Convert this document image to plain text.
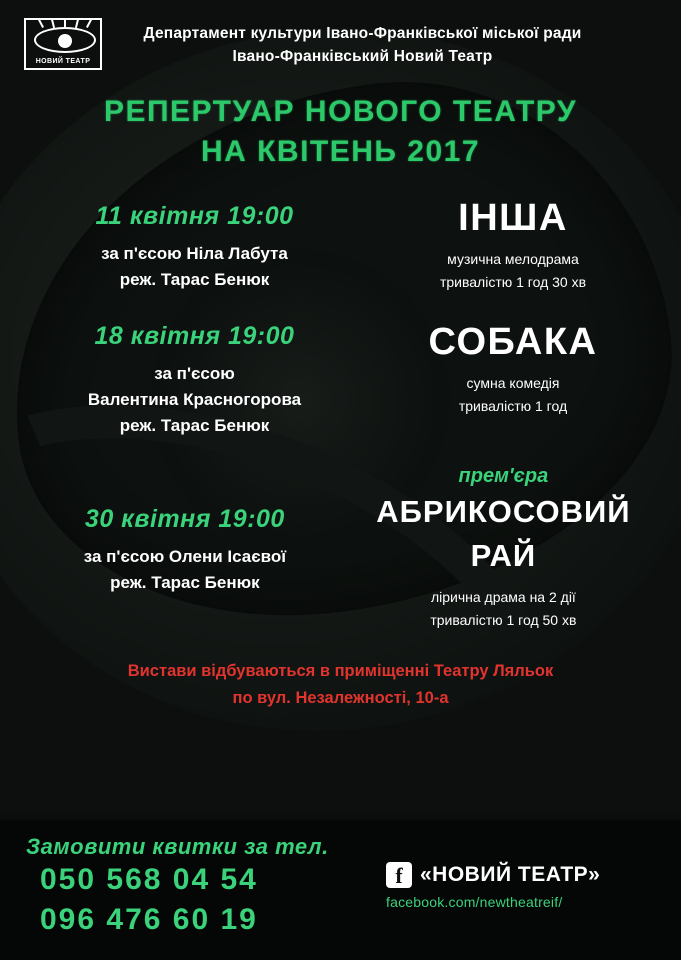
НОВИЙ ТЕАТР
Департамент культури Івано-Франківської міської ради
Івано-Франківський Новий Театр
РЕПЕРТУАР НОВОГО ТЕАТРУ
НА КВІТЕНЬ 2017
11 квітня 19:00
за п'єсою Ніла Лабута
реж. Тарас Бенюк
ІНША
музична мелодрама
тривалістю 1 год 30 хв
18 квітня 19:00
за п'єсою
Валентина Красногорова
реж. Тарас Бенюк
СОБАКА
сумна комедія
тривалістю 1 год
30 квітня 19:00
за п'єсою Олени Ісаєвої
реж. Тарас Бенюк
прем'єра
АБРИКОСОВИЙ РАЙ
лірична драма на 2 дії
тривалістю 1 год 50 хв
Вистави відбуваються в приміщенні Театру Ляльок
по вул. Незалежності, 10-а
Замовити квитки за тел.
050 568 04 54
096 476 60 19
f «НОВИЙ ТЕАТР»
facebook.com/newtheatreif/
